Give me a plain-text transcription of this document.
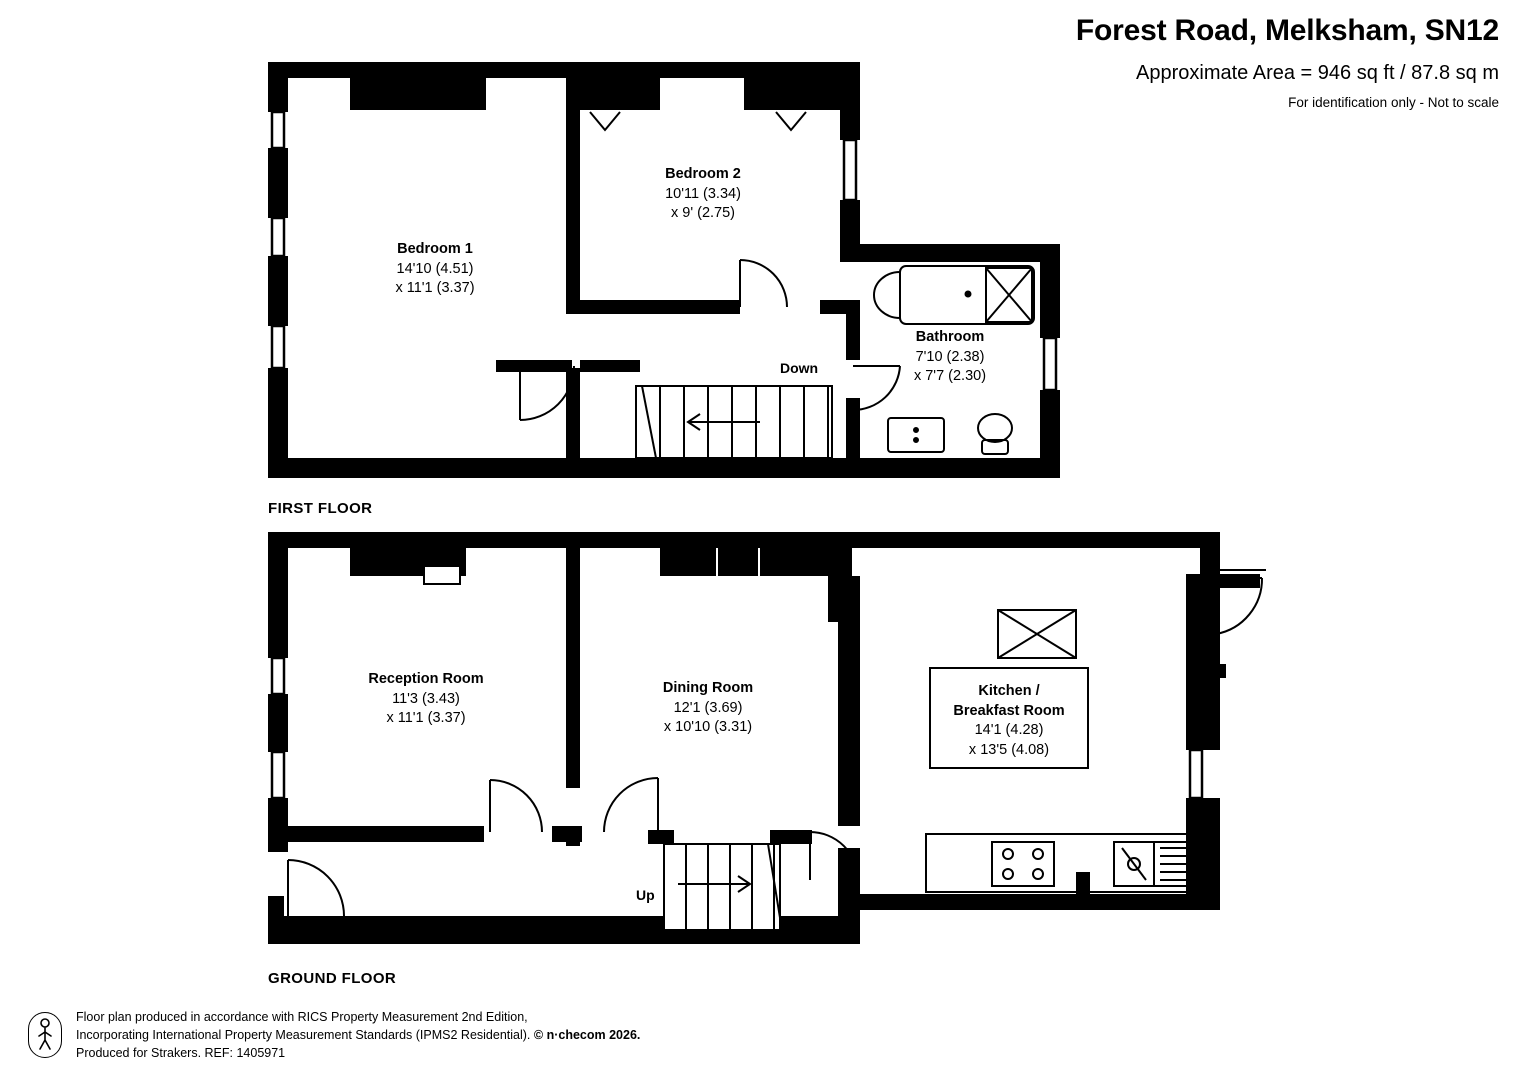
Forest Road, Melksham, SN12
Approximate Area = 946 sq ft / 87.8 sq m
For identification only - Not to scale
FIRST FLOOR
Bedroom 1
14'10 (4.51)
x 11'1 (3.37)
Bedroom 2
10'11 (3.34)
x 9' (2.75)
Bathroom
7'10 (2.38)
x 7'7 (2.30)
Down
GROUND FLOOR
Reception Room
11'3 (3.43)
x 11'1 (3.37)
Dining Room
12'1 (3.69)
x 10'10 (3.31)
Kitchen /
Breakfast Room
14'1 (4.28)
x 13'5 (4.08)
Up
Floor plan produced in accordance with RICS Property Measurement 2nd Edition,
Incorporating International Property Measurement Standards (IPMS2 Residential). © n·checom 2026.
Produced for Strakers. REF: 1405971
